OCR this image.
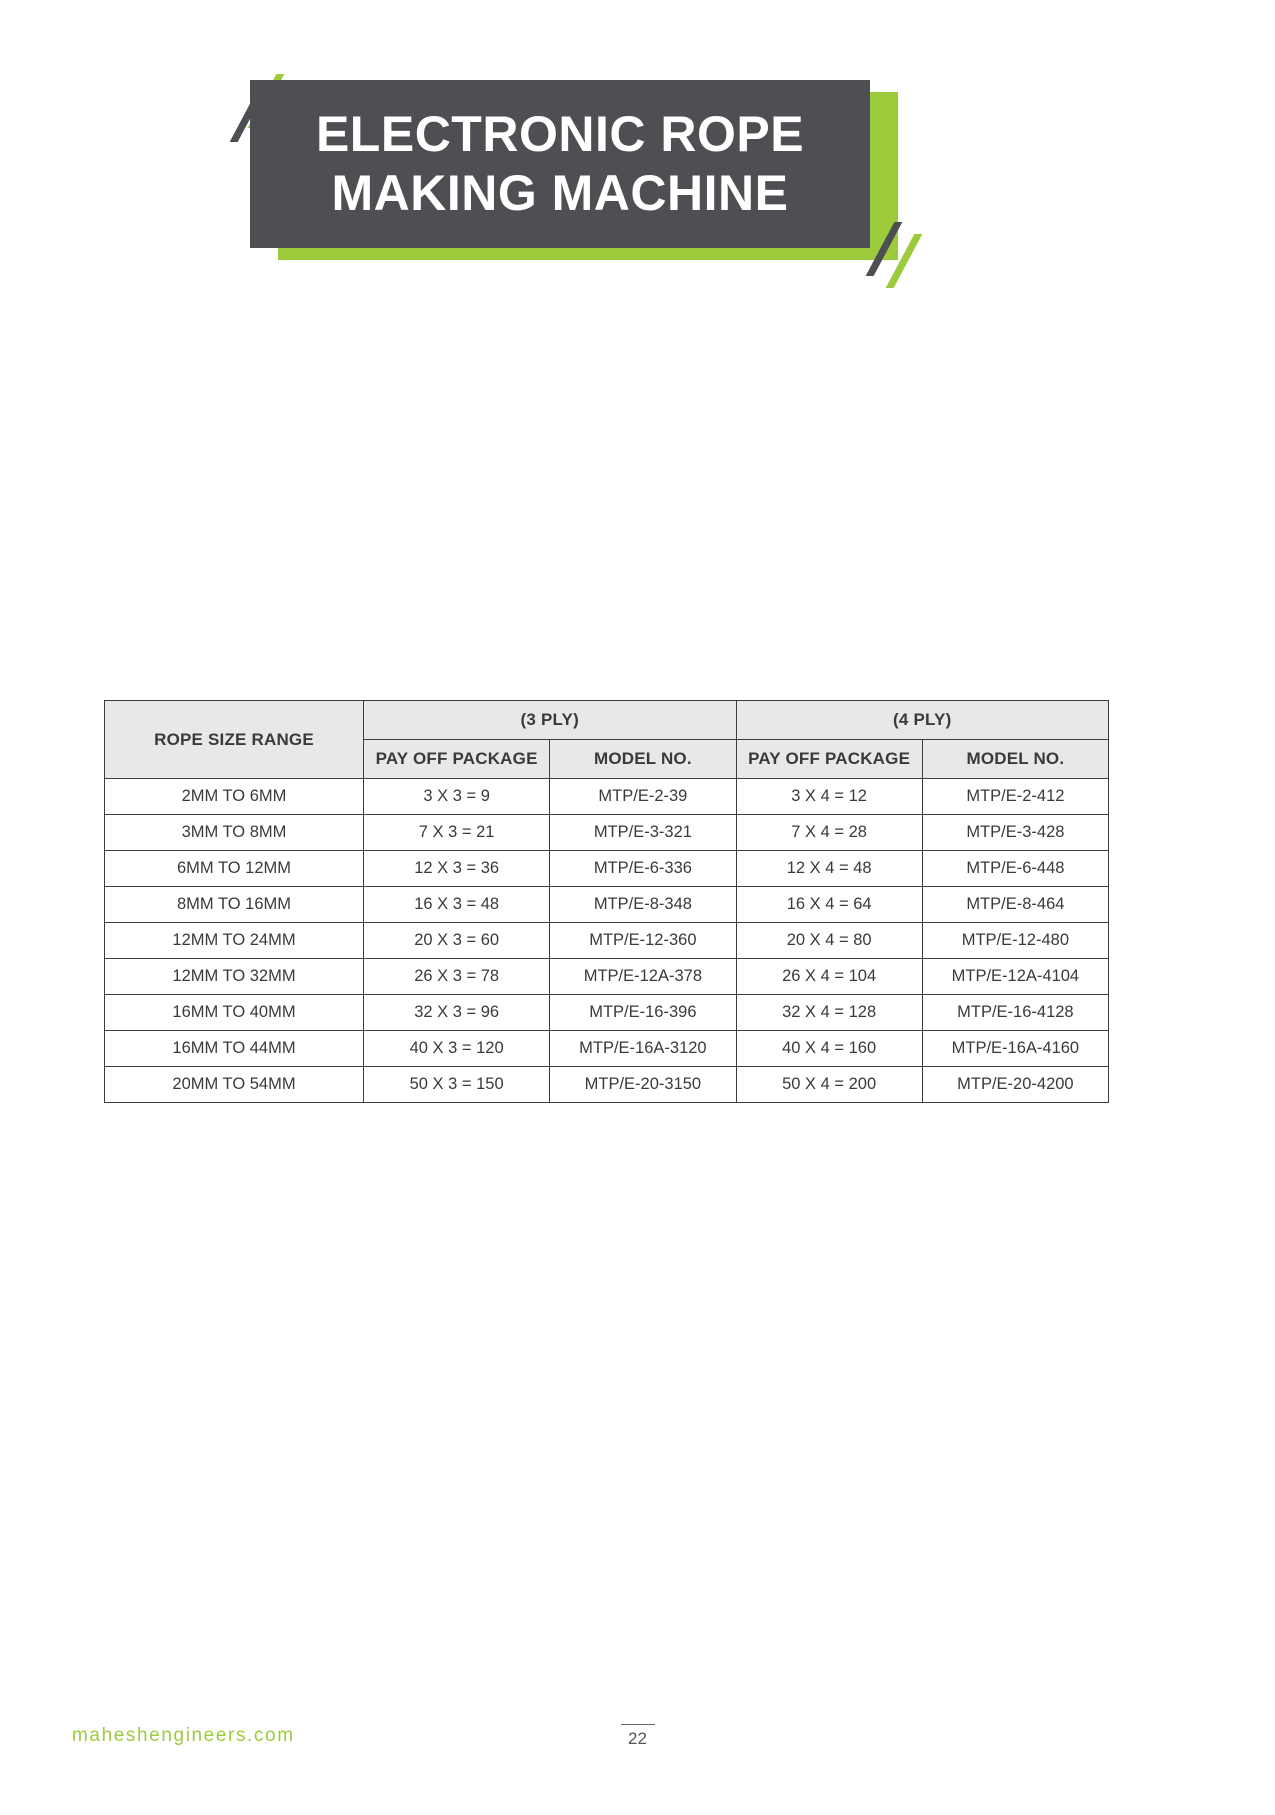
ELECTRONIC ROPE
MAKING MACHINE
ROPE SIZE RANGE	(3 PLY)		(4 PLY)	
	PAY OFF PACKAGE	MODEL NO.	PAY OFF PACKAGE	MODEL NO.
2MM TO 6MM	3 X 3 = 9	MTP/E-2-39	3 X 4 = 12	MTP/E-2-412
3MM TO 8MM	7 X 3 = 21	MTP/E-3-321	7 X 4 = 28	MTP/E-3-428
6MM TO 12MM	12 X 3 = 36	MTP/E-6-336	12 X 4 = 48	MTP/E-6-448
8MM TO 16MM	16 X 3 = 48	MTP/E-8-348	16 X 4 = 64	MTP/E-8-464
12MM TO 24MM	20 X 3 = 60	MTP/E-12-360	20 X 4 = 80	MTP/E-12-480
12MM TO 32MM	26 X 3 = 78	MTP/E-12A-378	26 X 4 = 104	MTP/E-12A-4104
16MM TO 40MM	32 X 3 = 96	MTP/E-16-396	32 X 4 = 128	MTP/E-16-4128
16MM TO 44MM	40 X 3 = 120	MTP/E-16A-3120	40 X 4 = 160	MTP/E-16A-4160
20MM TO 54MM	50 X 3 = 150	MTP/E-20-3150	50 X 4 = 200	MTP/E-20-4200
maheshengineers.com	22
